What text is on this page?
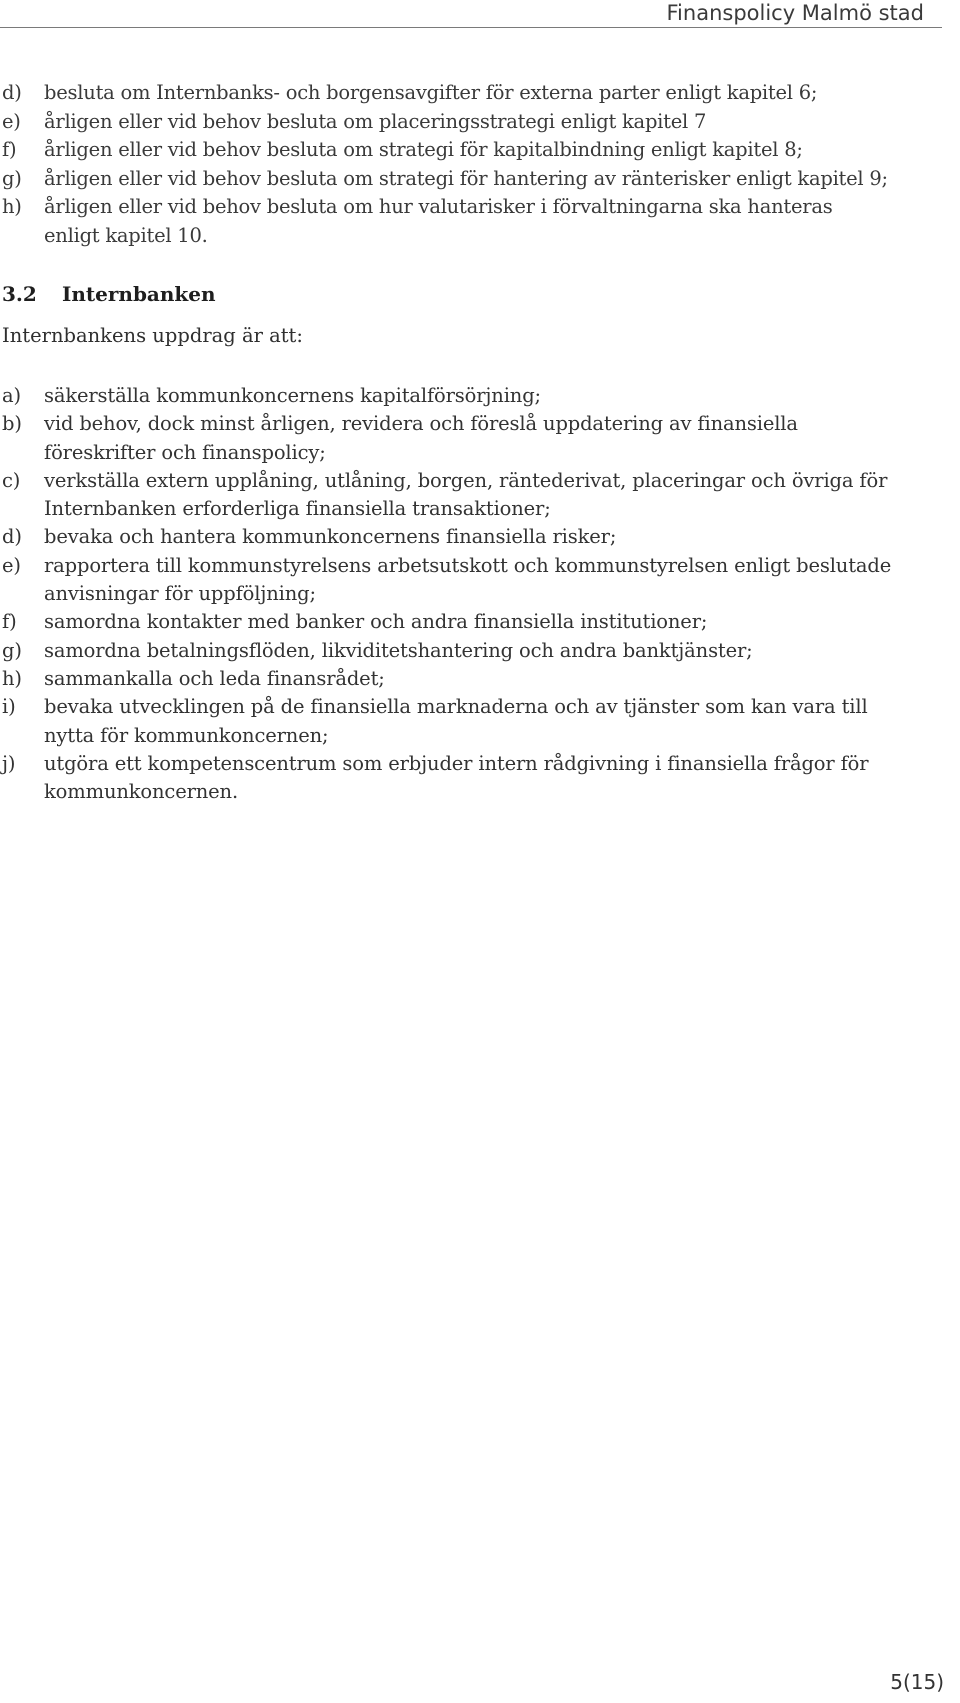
Finanspolicy Malmö stad
d) besluta om Internbanks- och borgensavgifter för externa parter enligt kapitel 6;
e) årligen eller vid behov besluta om placeringsstrategi enligt kapitel 7
f) årligen eller vid behov besluta om strategi för kapitalbindning enligt kapitel 8;
g) årligen eller vid behov besluta om strategi för hantering av ränterisker enligt kapitel 9;
h) årligen eller vid behov besluta om hur valutarisker i förvaltningarna ska hanteras
enligt kapitel 10.
3.2 Internbanken
Internbankens uppdrag är att:
a) säkerställa kommunkoncernens kapitalförsörjning;
b) vid behov, dock minst årligen, revidera och föreslå uppdatering av finansiella
föreskrifter och finanspolicy;
c) verkställa extern upplåning, utlåning, borgen, räntederivat, placeringar och övriga för
Internbanken erforderliga finansiella transaktioner;
d) bevaka och hantera kommunkoncernens finansiella risker;
e) rapportera till kommunstyrelsens arbetsutskott och kommunstyrelsen enligt beslutade
anvisningar för uppföljning;
f) samordna kontakter med banker och andra finansiella institutioner;
g) samordna betalningsflöden, likviditetshantering och andra banktjänster;
h) sammankalla och leda finansrådet;
i) bevaka utvecklingen på de finansiella marknaderna och av tjänster som kan vara till
nytta för kommunkoncernen;
j) utgöra ett kompetenscentrum som erbjuder intern rådgivning i finansiella frågor för
kommunkoncernen.
5(15)
